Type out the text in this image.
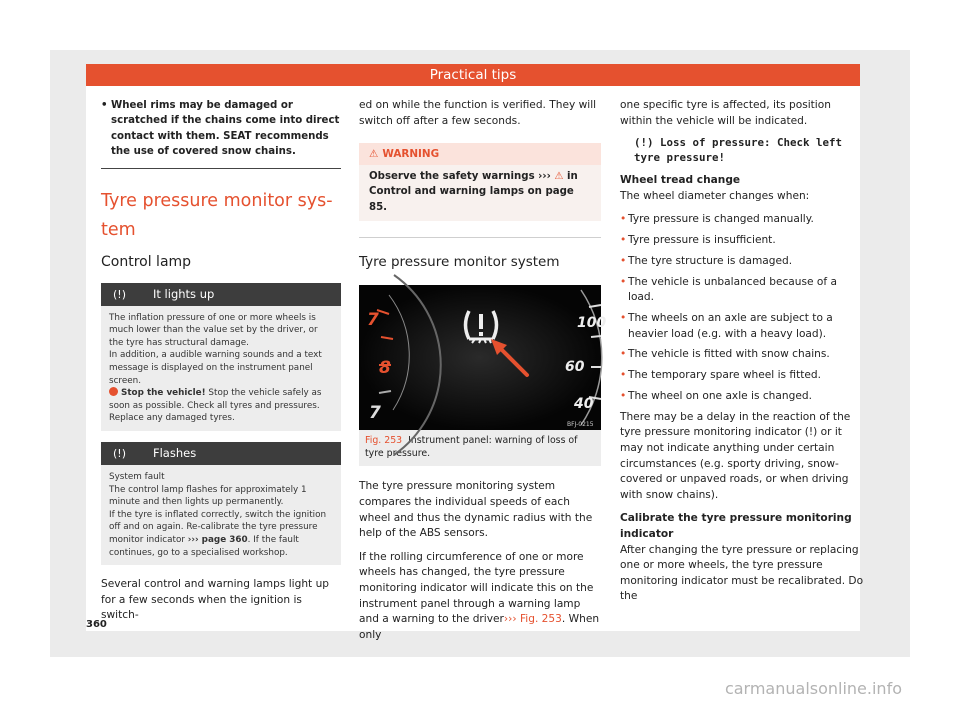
Practical tips

• Wheel rims may be damaged or scratched if the chains come into direct contact with them. SEAT recommends the use of covered snow chains.

Tyre pressure monitor sys-
tem
Control lamp
(!)	It lights up
The inflation pressure of one or more wheels is much lower than the value set by the driver, or the tyre has structural damage.
In addition, a audible warning sounds and a text message is displayed on the instrument panel screen.
Stop the vehicle! Stop the vehicle safely as soon as possible. Check all tyres and pressures. Replace any damaged tyres.
(!)	Flashes
System fault
The control lamp flashes for approximately 1 minute and then lights up permanently.
If the tyre is inflated correctly, switch the ignition off and on again. Re-calibrate the tyre pressure monitor indicator ››› page 360. If the fault continues, go to a specialised workshop.

Several control and warning lamps light up for a few seconds when the ignition is switch-

ed on while the function is verified. They will switch off after a few seconds.

⚠ WARNING
Observe the safety warnings ››› ⚠ in Control and warning lamps on page 85.
Tyre pressure monitor system
7
8
7
100
60
40
BFJ-0215
Fig. 253 Instrument panel: warning of loss of tyre pressure.

The tyre pressure monitoring system compares the individual speeds of each wheel and thus the dynamic radius with the help of the ABS sensors.

If the rolling circumference of one or more wheels has changed, the tyre pressure monitoring indicator will indicate this on the instrument panel through a warning lamp and a warning to the driver››› Fig. 253. When only

one specific tyre is affected, its position within the vehicle will be indicated.

(!) Loss of pressure: Check left
tyre pressure!

Wheel tread change

The wheel diameter changes when:

• Tyre pressure is changed manually.

• Tyre pressure is insufficient.

• The tyre structure is damaged.

• The vehicle is unbalanced because of a load.

• The wheels on an axle are subject to a heavier load (e.g. with a heavy load).

• The vehicle is fitted with snow chains.

• The temporary spare wheel is fitted.

• The wheel on one axle is changed.

There may be a delay in the reaction of the tyre pressure monitoring indicator (!) or it may not indicate anything under certain circumstances (e.g. sporty driving, snow-covered or unpaved roads, or when driving with snow chains).

Calibrate the tyre pressure monitoring indicator

After changing the tyre pressure or replacing one or more wheels, the tyre pressure monitoring indicator must be recalibrated. Do the

360
carmanualsonline.info
